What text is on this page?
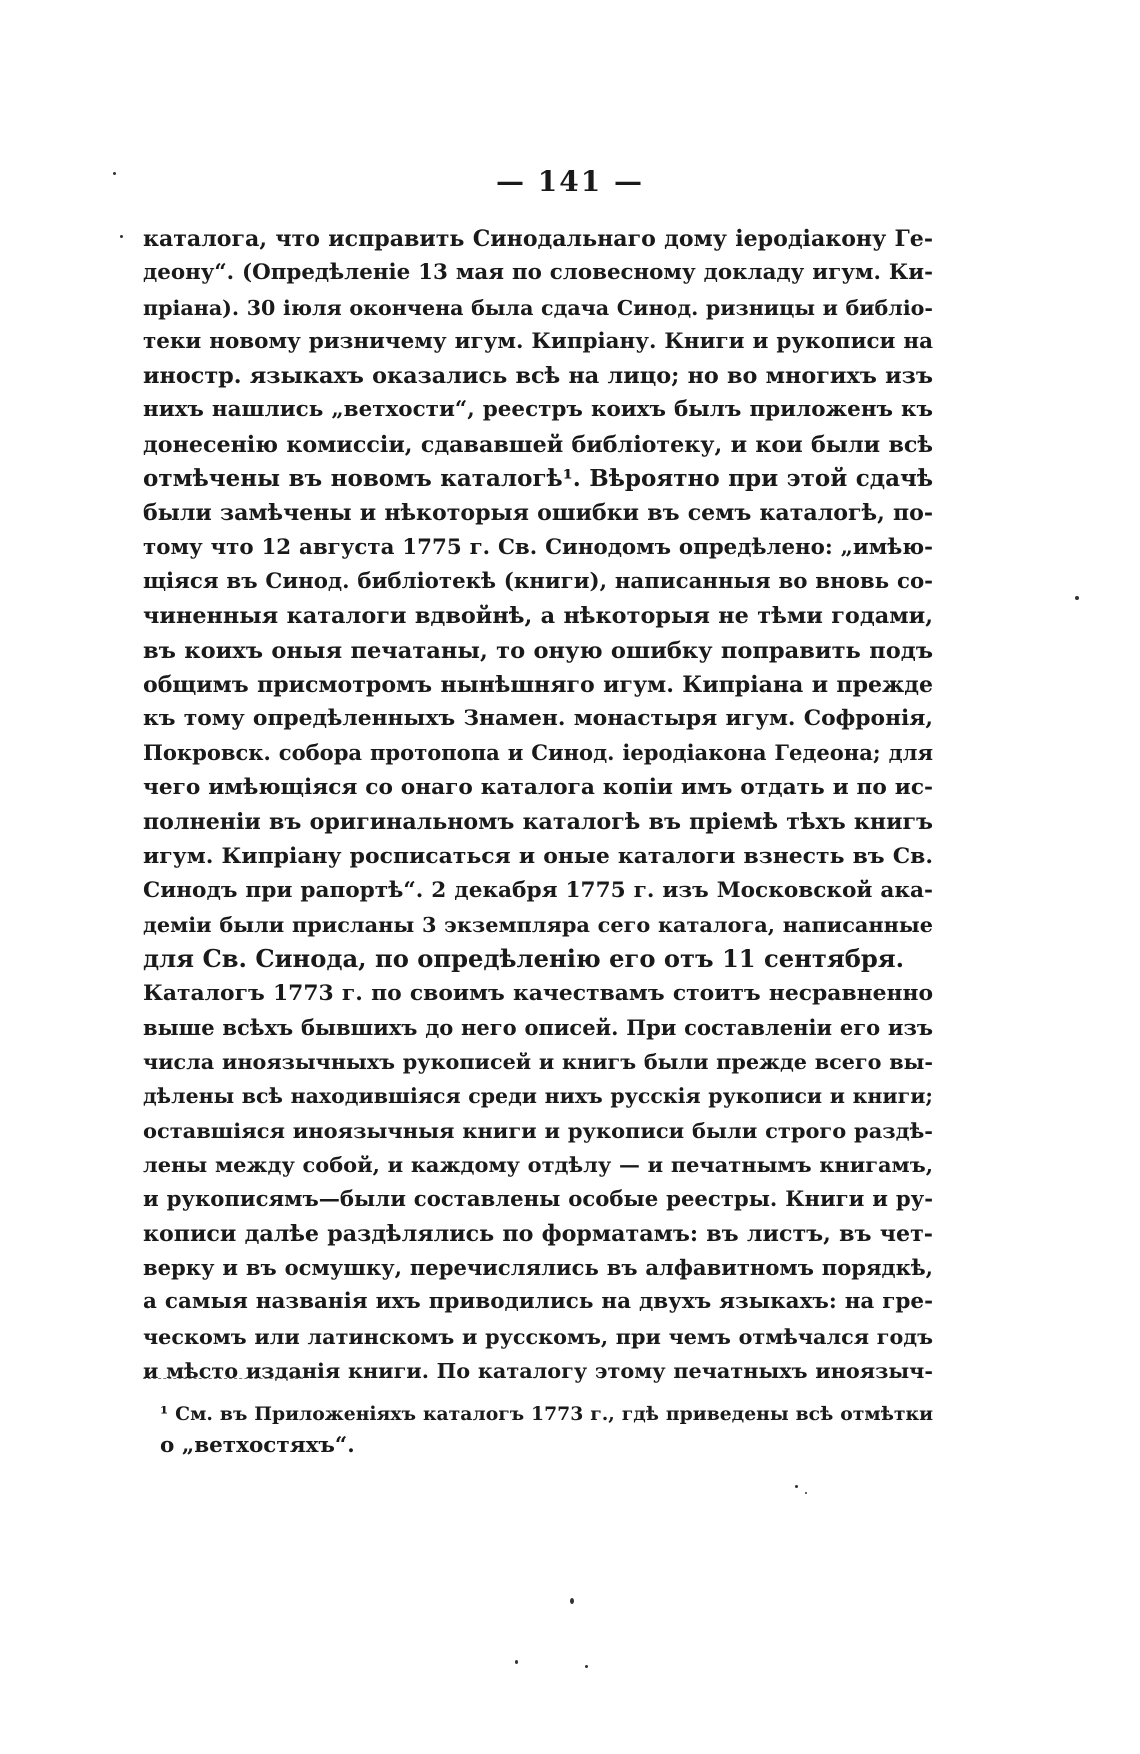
— 141 —
каталога, что исправить Синодальнаго дому іеродіакону Ге-
деону“. (Опредѣленіе 13 мая по словесному докладу игум. Ки-
пріана). 30 іюля окончена была сдача Синод. ризницы и библіо-
теки новому ризничему игум. Кипріану. Книги и рукописи на
иностр. языкахъ оказались всѣ на лицо; но во многихъ изъ
нихъ нашлись „ветхости“, реестръ коихъ былъ приложенъ къ
донесенію комиссіи, сдававшей библіотеку, и кои были всѣ
отмѣчены въ новомъ каталогѣ¹. Вѣроятно при этой сдачѣ
были замѣчены и нѣкоторыя ошибки въ семъ каталогѣ, по-
тому что 12 августа 1775 г. Св. Синодомъ опредѣлено: „имѣю-
щіяся въ Синод. библіотекѣ (книги), написанныя во вновь со-
чиненныя каталоги вдвойнѣ, а нѣкоторыя не тѣми годами,
въ коихъ оныя печатаны, то оную ошибку поправить подъ
общимъ присмотромъ нынѣшняго игум. Кипріана и прежде
къ тому опредѣленныхъ Знамен. монастыря игум. Софронія,
Покровск. собора протопопа и Синод. іеродіакона Гедеона; для
чего имѣющіяся со онаго каталога копіи имъ отдать и по ис-
полненіи въ оригинальномъ каталогѣ въ пріемѣ тѣхъ книгъ
игум. Кипріану росписаться и оные каталоги взнесть въ Св.
Синодъ при рапортѣ“. 2 декабря 1775 г. изъ Московской ака-
деміи были присланы 3 экземпляра сего каталога, написанные
для Св. Синода, по опредѣленію его отъ 11 сентября.
Каталогъ 1773 г. по своимъ качествамъ стоитъ несравненно
выше всѣхъ бывшихъ до него описей. При составленіи его изъ
числа иноязычныхъ рукописей и книгъ были прежде всего вы-
дѣлены всѣ находившіяся среди нихъ русскія рукописи и книги;
оставшіяся иноязычныя книги и рукописи были строго раздѣ-
лены между собой, и каждому отдѣлу — и печатнымъ книгамъ,
и рукописямъ—были составлены особые реестры. Книги и ру-
кописи далѣе раздѣлялись по форматамъ: въ листъ, въ чет-
верку и въ осмушку, перечислялись въ алфавитномъ порядкѣ,
а самыя названія ихъ приводились на двухъ языкахъ: на гре-
ческомъ или латинскомъ и русскомъ, при чемъ отмѣчался годъ
и мѣсто изданія книги. По каталогу этому печатныхъ иноязыч-
¹ См. въ Приложеніяхъ каталогъ 1773 г., гдѣ приведены всѣ отмѣтки
о „ветхостяхъ“.
